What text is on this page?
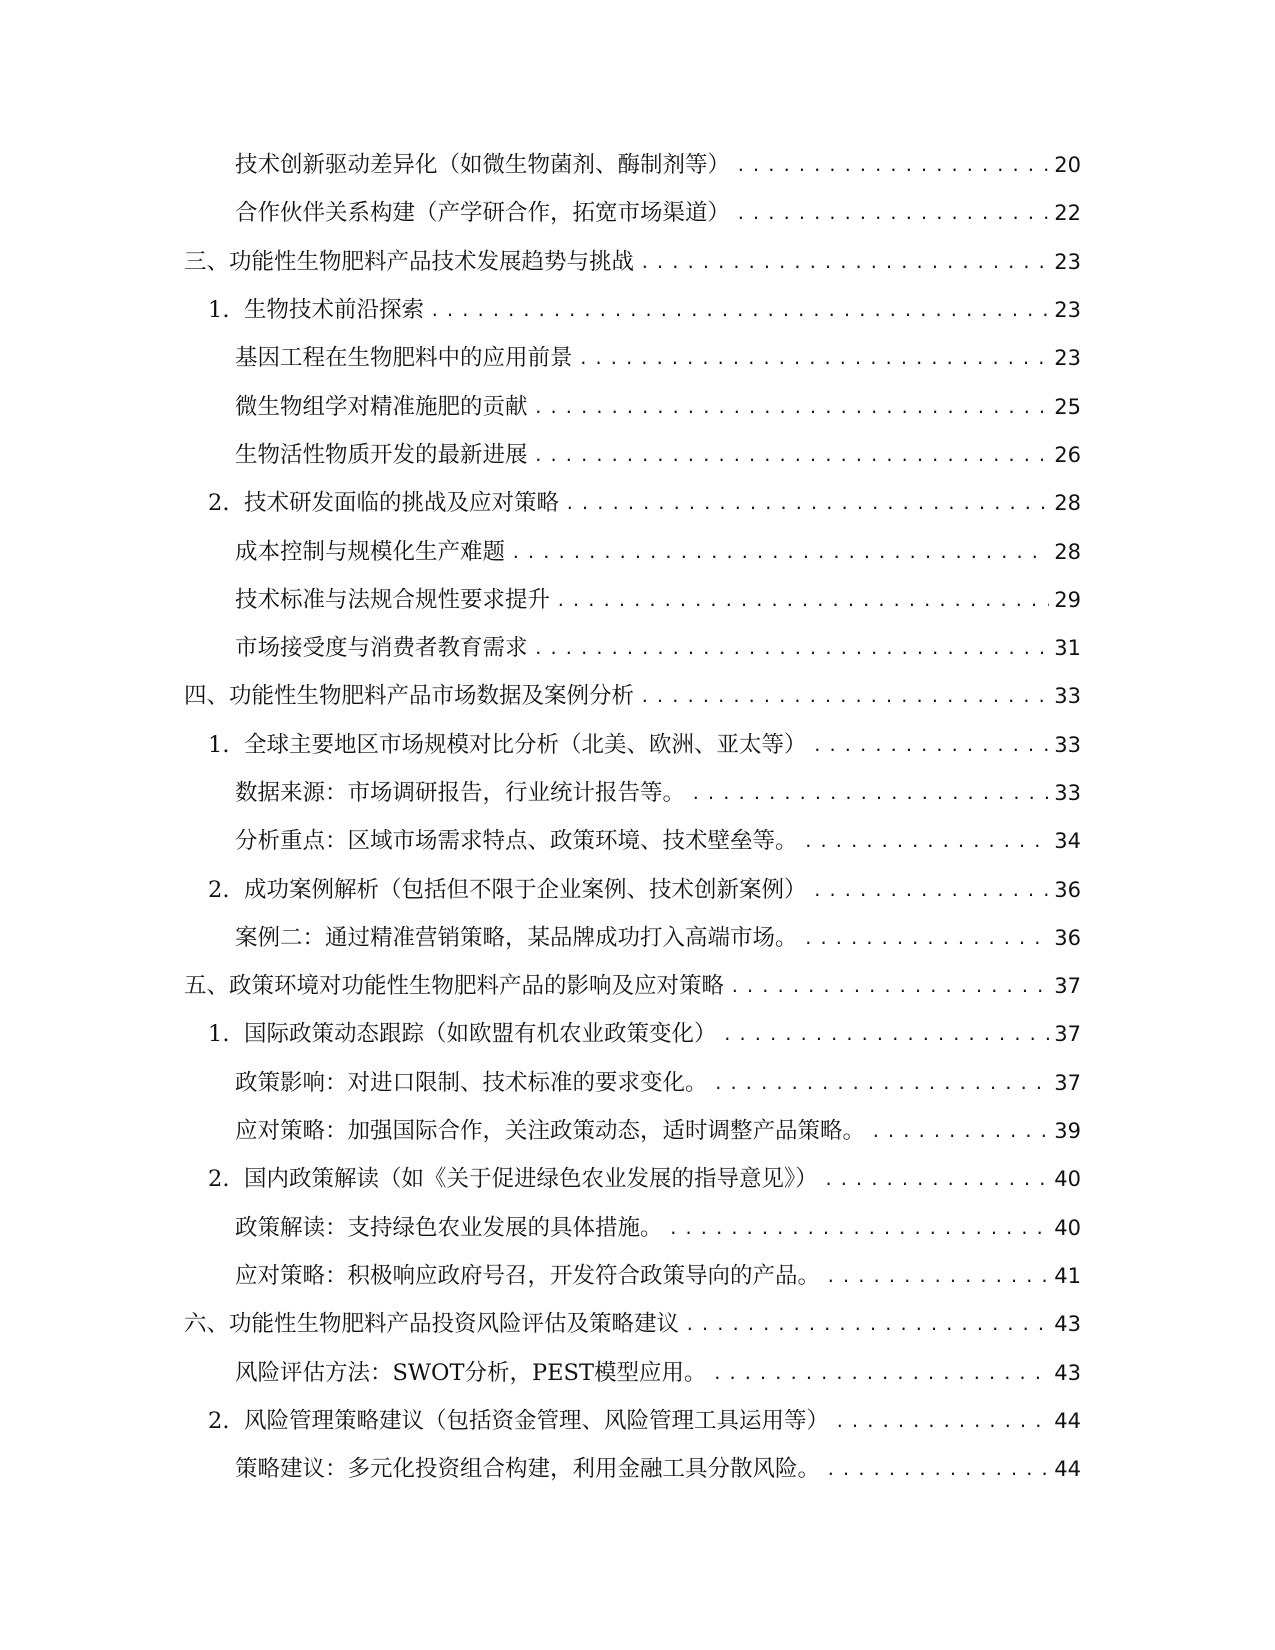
技术创新驱动差异化（如微生物菌剂、酶制剂等） . . .	20
合作伙伴关系构建（产学研合作，拓宽市场渠道） . . .	22
三、功能性生物肥料产品技术发展趋势与挑战 . . .	23
1. 生物技术前沿探索 . . .	23
基因工程在生物肥料中的应用前景 . . .	23
微生物组学对精准施肥的贡献 . . .	25
生物活性物质开发的最新进展 . . .	26
2. 技术研发面临的挑战及应对策略 . . .	28
成本控制与规模化生产难题 . . .	28
技术标准与法规合规性要求提升 . . .	29
市场接受度与消费者教育需求 . . .	31
四、功能性生物肥料产品市场数据及案例分析 . . .	33
1. 全球主要地区市场规模对比分析（北美、欧洲、亚太等） . . .	33
数据来源：市场调研报告，行业统计报告等。 . . .	33
分析重点：区域市场需求特点、政策环境、技术壁垒等。 . . .	34
2. 成功案例解析（包括但不限于企业案例、技术创新案例） . . .	36
案例二：通过精准营销策略，某品牌成功打入高端市场。 . . .	36
五、政策环境对功能性生物肥料产品的影响及应对策略 . . .	37
1. 国际政策动态跟踪（如欧盟有机农业政策变化） . . .	37
政策影响：对进口限制、技术标准的要求变化。 . . .	37
应对策略：加强国际合作，关注政策动态，适时调整产品策略。 . . .	39
2. 国内政策解读（如《关于促进绿色农业发展的指导意见》） . . .	40
政策解读：支持绿色农业发展的具体措施。 . . .	40
应对策略：积极响应政府号召，开发符合政策导向的产品。 . . .	41
六、功能性生物肥料产品投资风险评估及策略建议 . . .	43
风险评估方法：SWOT分析，PEST模型应用。 . . .	43
2. 风险管理策略建议（包括资金管理、风险管理工具运用等） . . .	44
策略建议：多元化投资组合构建，利用金融工具分散风险。 . . .	44
